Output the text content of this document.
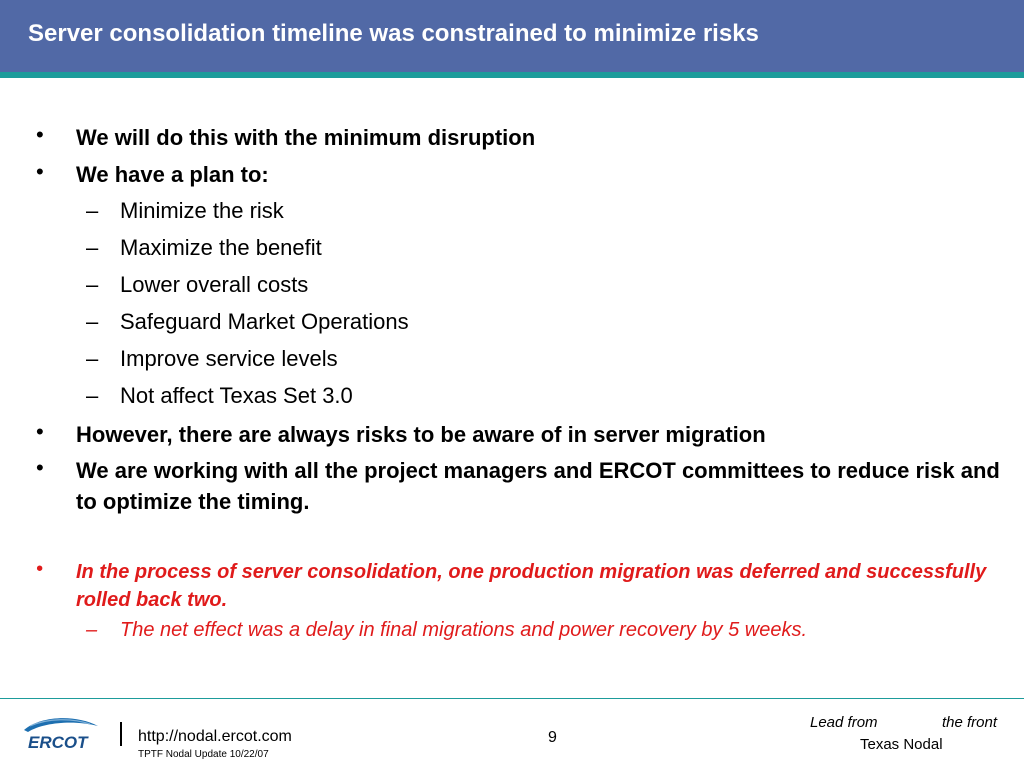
Server consolidation timeline was constrained to minimize risks
• We will do this with the minimum disruption
• We have a plan to:
– Minimize the risk
– Maximize the benefit
– Lower overall costs
– Safeguard Market Operations
– Improve service levels
– Not affect Texas Set 3.0
• However, there are always risks to be aware of in server migration
• We are working with all the project managers and ERCOT committees to reduce risk and to optimize the timing.
• In the process of server consolidation, one production migration was deferred and successfully rolled back two.
– The net effect was a delay in final migrations and power recovery by 5 weeks.
ERCOT	http://nodal.ercot.com
TPTF Nodal Update 10/22/07
9
Lead from	the front
Texas Nodal
